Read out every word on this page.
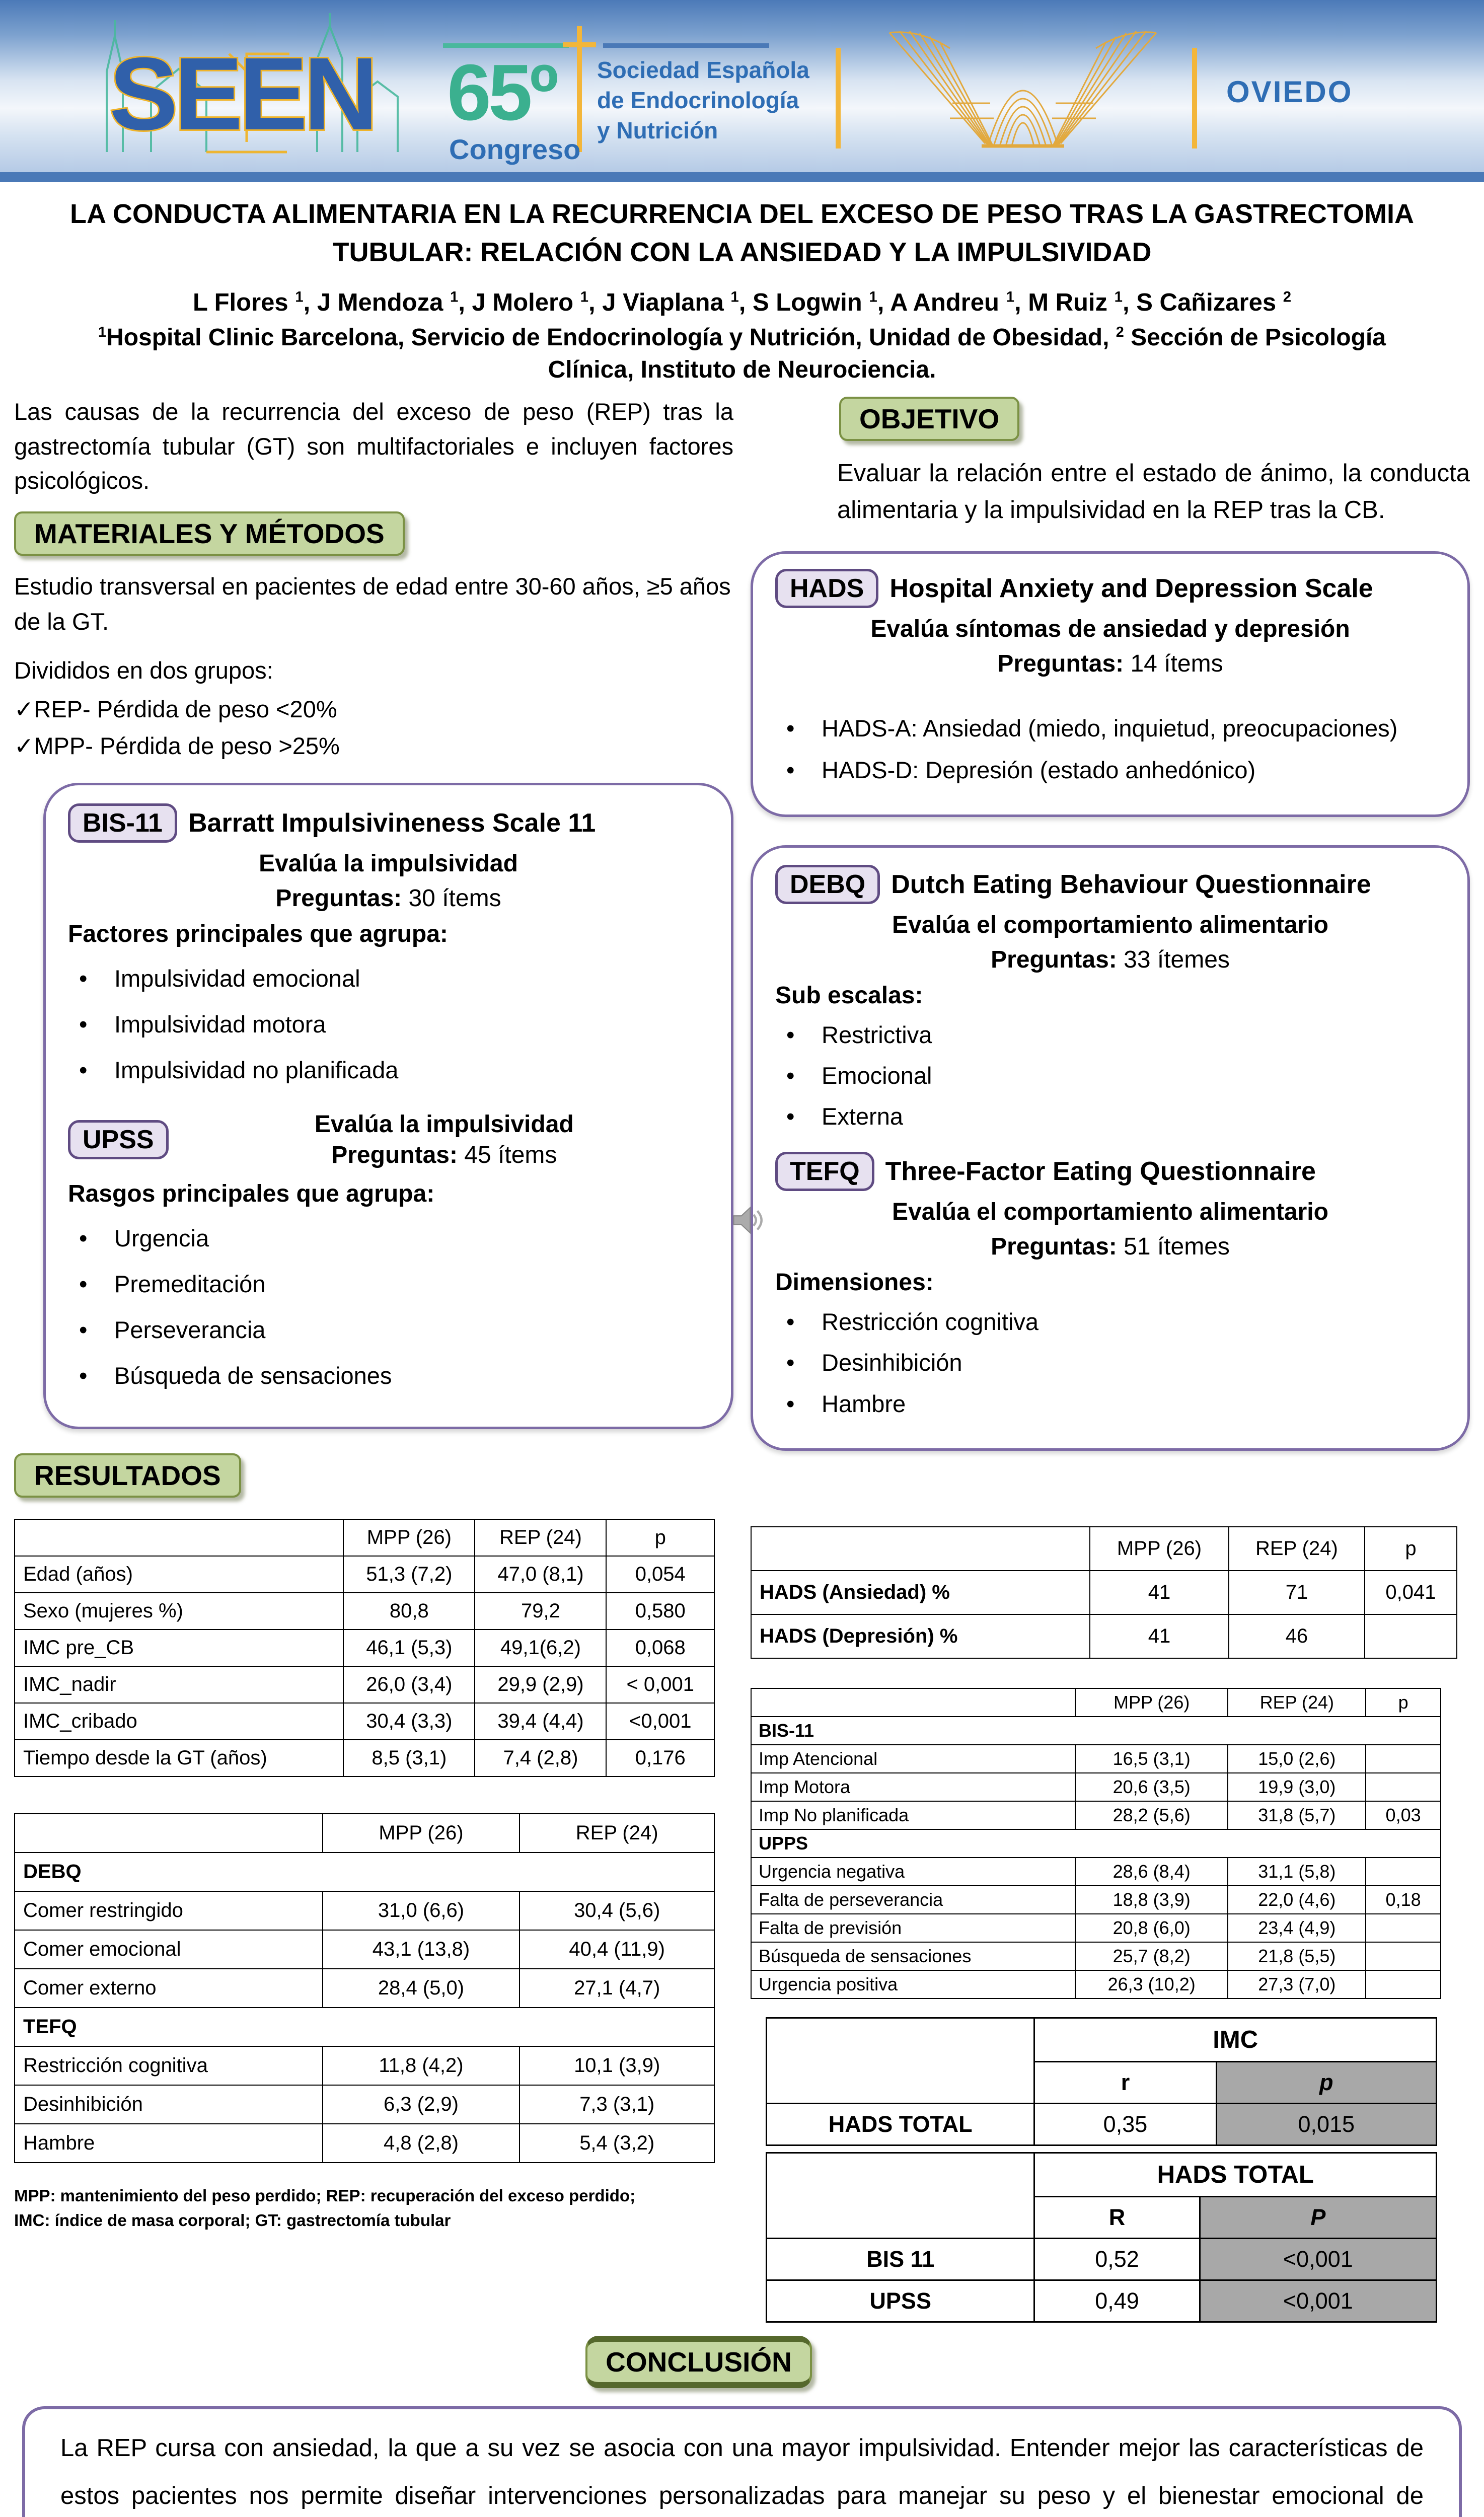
SEEN 65º
Congreso
Sociedad Española
de Endocrinología
y Nutrición
OVIEDO
LA CONDUCTA ALIMENTARIA EN LA RECURRENCIA DEL EXCESO DE PESO TRAS LA GASTRECTOMIA
TUBULAR: RELACIÓN CON LA ANSIEDAD Y LA IMPULSIVIDAD

L Flores $^1$, J Mendoza $^1$, J Molero $^1$, J Viaplana $^1$, S Logwin $^1$, A Andreu $^1$, M Ruiz $^1$, S Cañizares $^2$

$^1$Hospital Clinic Barcelona, Servicio de Endocrinología y Nutrición, Unidad de Obesidad, $^2$ Sección de Psicología Clínica, Instituto de Neurociencia.

Las causas de la recurrencia del exceso de peso (REP) tras la gastrectomía tubular (GT) son multifactoriales e incluyen factores psicológicos.

MATERIALES Y MÉTODOS

Estudio transversal en pacientes de edad entre 30-60 años, ≥5 años de la GT.

Divididos en dos grupos:

✓ REP- Pérdida de peso <20%
✓ MPP- Pérdida de peso >25%
BIS-11 Barratt Impulsivineness Scale 11

Evalúa la impulsividad

Preguntas: 30 ítems

Factores principales que agrupa:

• Impulsividad emocional
• Impulsividad motora
• Impulsividad no planificada
UPSS

Evalúa la impulsividad

Preguntas: 45 ítems

Rasgos principales que agrupa:

• Urgencia
• Premeditación
• Perseverancia
• Búsqueda de sensaciones
RESULTADOS
	MPP (26)	REP (24)	p
Edad (años)	51,3 (7,2)	47,0 (8,1)	0,054
Sexo (mujeres %)	80,8	79,2	0,580
IMC pre_CB	46,1 (5,3)	49,1(6,2)	0,068
IMC_nadir	26,0 (3,4)	29,9 (2,9)	< 0,001
IMC_cribado	30,4 (3,3)	39,4 (4,4)	<0,001
Tiempo desde la GT (años)	8,5 (3,1)	7,4 (2,8)	0,176
	MPP (26)	REP (24)
DEBQ		
Comer restringido	31,0 (6,6)	30,4 (5,6)
Comer emocional	43,1 (13,8)	40,4 (11,9)
Comer externo	28,4 (5,0)	27,1 (4,7)
TEFQ		
Restricción cognitiva	11,8 (4,2)	10,1 (3,9)
Desinhibición	6,3 (2,9)	7,3 (3,1)
Hambre	4,8 (2,8)	5,4 (3,2)

MPP: mantenimiento del peso perdido; REP: recuperación del exceso perdido;
IMC: índice de masa corporal; GT: gastrectomía tubular

OBJETIVO

Evaluar la relación entre el estado de ánimo, la conducta alimentaria y la impulsividad en la REP tras la CB.

HADS Hospital Anxiety and Depression Scale

Evalúa síntomas de ansiedad y depresión

Preguntas: 14 ítems

• HADS-A: Ansiedad (miedo, inquietud, preocupaciones)
• HADS-D: Depresión (estado anhedónico)
DEBQ Dutch Eating Behaviour Questionnaire

Evalúa el comportamiento alimentario

Preguntas: 33 ítemes

Sub escalas:

• Restrictiva
• Emocional
• Externa
TEFQ Three-Factor Eating Questionnaire

Evalúa el comportamiento alimentario

Preguntas: 51 ítemes

Dimensiones:

• Restricción cognitiva
• Desinhibición
• Hambre
	MPP (26)	REP (24)	p
HADS (Ansiedad) %	41	71	0,041
HADS (Depresión) %	41	46	
	MPP (26)	REP (24)	p
BIS-11			
Imp Atencional	16,5 (3,1)	15,0 (2,6)	
Imp Motora	20,6 (3,5)	19,9 (3,0)	
Imp No planificada	28,2 (5,6)	31,8 (5,7)	0,03
UPPS			
Urgencia negativa	28,6 (8,4)	31,1 (5,8)	
Falta de perseverancia	18,8 (3,9)	22,0 (4,6)	0,18
Falta de previsión	20,8 (6,0)	23,4 (4,9)	
Búsqueda de sensaciones	25,7 (8,2)	21,8 (5,5)	
Urgencia positiva	26,3 (10,2)	27,3 (7,0)	
	IMC	
	r	p
HADS TOTAL	0,35	0,015
	HADS TOTAL	
	R	P
BIS 11	0,52	<0,001
UPSS	0,49	<0,001
CONCLUSIÓN

La REP cursa con ansiedad, la que a su vez se asocia con una mayor impulsividad. Entender mejor las características de estos pacientes nos permite diseñar intervenciones personalizadas para manejar su peso y el bienestar emocional de
